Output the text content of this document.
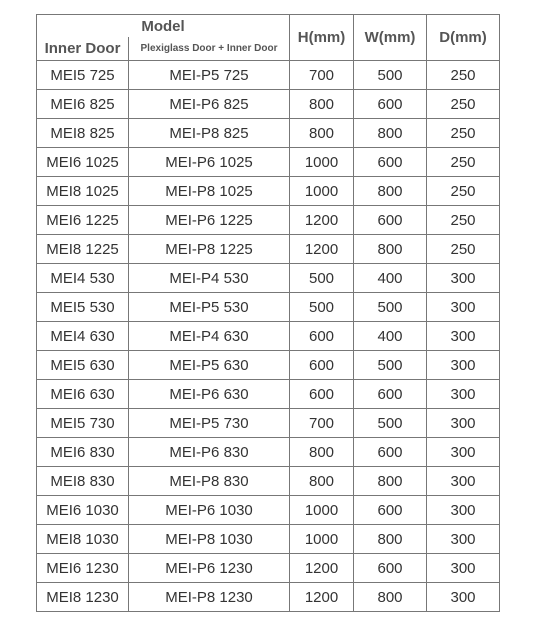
Model		H(mm)	W(mm)	D(mm)
Inner Door	Plexiglass Door + Inner Door			
MEI5 725	MEI-P5 725	700	500	250
MEI6 825	MEI-P6 825	800	600	250
MEI8 825	MEI-P8 825	800	800	250
MEI6 1025	MEI-P6 1025	1000	600	250
MEI8 1025	MEI-P8 1025	1000	800	250
MEI6 1225	MEI-P6 1225	1200	600	250
MEI8 1225	MEI-P8 1225	1200	800	250
MEI4 530	MEI-P4 530	500	400	300
MEI5 530	MEI-P5 530	500	500	300
MEI4 630	MEI-P4 630	600	400	300
MEI5 630	MEI-P5 630	600	500	300
MEI6 630	MEI-P6 630	600	600	300
MEI5 730	MEI-P5 730	700	500	300
MEI6 830	MEI-P6 830	800	600	300
MEI8 830	MEI-P8 830	800	800	300
MEI6 1030	MEI-P6 1030	1000	600	300
MEI8 1030	MEI-P8 1030	1000	800	300
MEI6 1230	MEI-P6 1230	1200	600	300
MEI8 1230	MEI-P8 1230	1200	800	300
